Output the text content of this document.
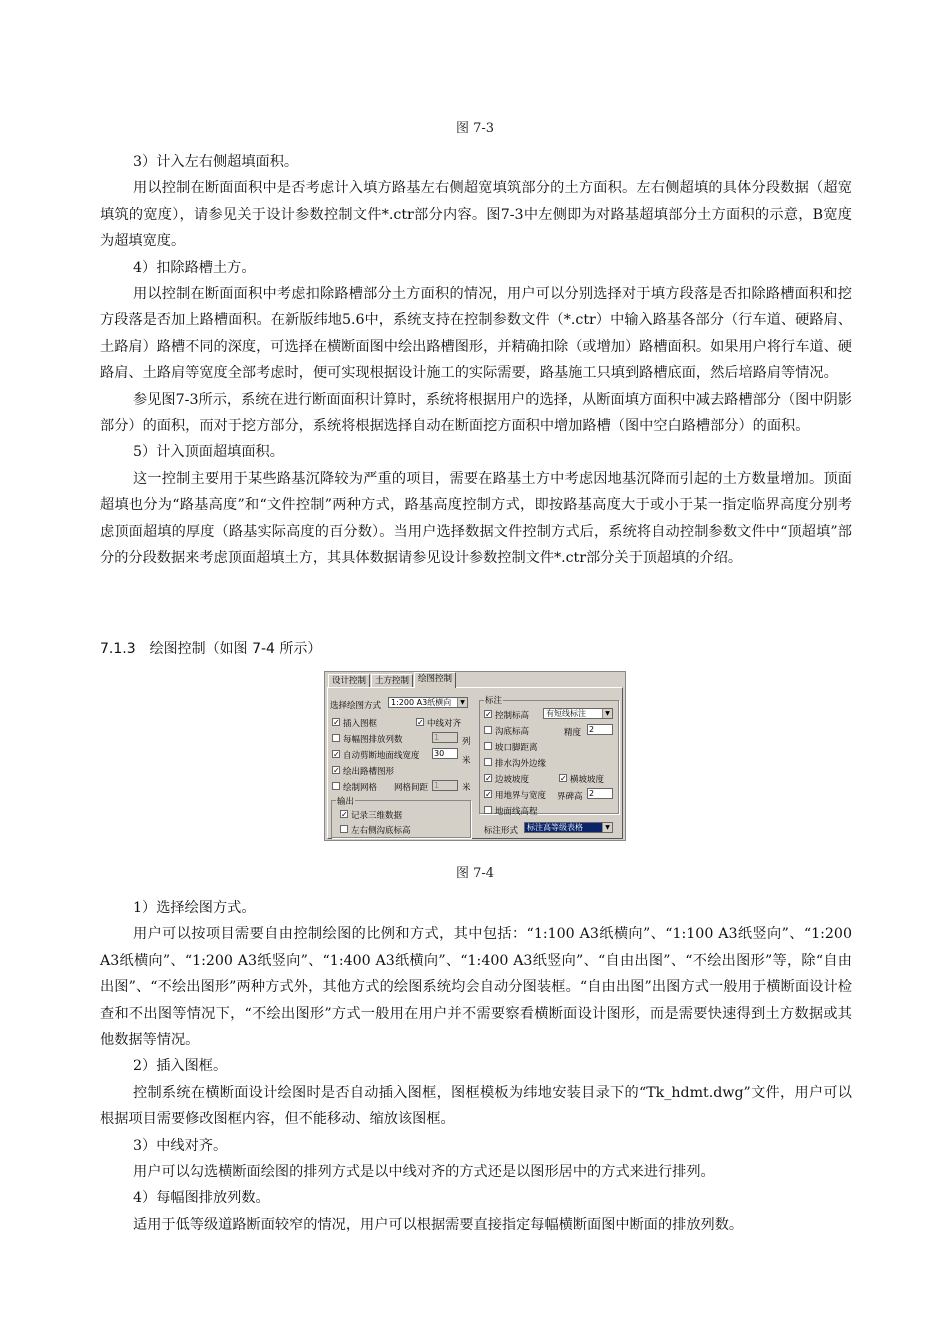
图 7-3

3）计入左右侧超填面积。

用以控制在断面面积中是否考虑计入填方路基左右侧超宽填筑部分的土方面积。左右侧超填的具体分段数据（超宽填筑的宽度），请参见关于设计参数控制文件*.ctr部分内容。图7-3中左侧即为对路基超填部分土方面积的示意，B宽度为超填宽度。

4）扣除路槽土方。

用以控制在断面面积中考虑扣除路槽部分土方面积的情况，用户可以分别选择对于填方段落是否扣除路槽面积和挖方段落是否加上路槽面积。在新版纬地5.6中，系统支持在控制参数文件（*.ctr）中输入路基各部分（行车道、硬路肩、土路肩）路槽不同的深度，可选择在横断面图中绘出路槽图形，并精确扣除（或增加）路槽面积。如果用户将行车道、硬路肩、土路肩等宽度全部考虑时，便可实现根据设计施工的实际需要，路基施工只填到路槽底面，然后培路肩等情况。

参见图7-3所示，系统在进行断面面积计算时，系统将根据用户的选择，从断面填方面积中减去路槽部分（图中阴影部分）的面积，而对于挖方部分，系统将根据选择自动在断面挖方面积中增加路槽（图中空白路槽部分）的面积。

5）计入顶面超填面积。

这一控制主要用于某些路基沉降较为严重的项目，需要在路基土方中考虑因地基沉降而引起的土方数量增加。顶面超填也分为“路基高度”和“文件控制”两种方式，路基高度控制方式，即按路基高度大于或小于某一指定临界高度分别考虑顶面超填的厚度（路基实际高度的百分数）。当用户选择数据文件控制方式后，系统将自动控制参数文件中“顶超填”部分的分段数据来考虑顶面超填土方，其具体数据请参见设计参数控制文件*.ctr部分关于顶超填的介绍。

7.1.3　绘图控制（如图 7-4 所示）
设计控制	土方控制	绘图控制
选择绘图方式	1:200 A3纸横向	▼
✓ 插入图框	✓ 中线对齐
每幅图排放列数	1	列
✓ 自动剪断地面线宽度 30
米
✓ 绘出路槽图形
绘制网格 网格间距 1	米
输出
✓ 记录三维数据
左右侧沟底标高
标注
✓ 控制标高	有短线标注	▼
沟底标高	精度 2
坡口脚距离
排水沟外边缘
✓ 边坡坡度	✓ 横坡坡度
✓ 用地界与宽度 界碑高 2
地面线高程
标注形式	标注高等级表格	▼
图 7-4

1）选择绘图方式。

用户可以按项目需要自由控制绘图的比例和方式，其中包括：“1:100 A3纸横向”、“1:100 A3纸竖向”、“1:200 A3纸横向”、“1:200 A3纸竖向”、“1:400 A3纸横向”、“1:400 A3纸竖向”、“自由出图”、“不绘出图形”等，除“自由出图”、“不绘出图形”两种方式外，其他方式的绘图系统均会自动分图装框。“自由出图”出图方式一般用于横断面设计检查和不出图等情况下，“不绘出图形”方式一般用在用户并不需要察看横断面设计图形，而是需要快速得到土方数据或其他数据等情况。

2）插入图框。

控制系统在横断面设计绘图时是否自动插入图框，图框模板为纬地安装目录下的“Tk_hdmt.dwg”文件，用户可以根据项目需要修改图框内容，但不能移动、缩放该图框。

3）中线对齐。

用户可以勾选横断面绘图的排列方式是以中线对齐的方式还是以图形居中的方式来进行排列。

4）每幅图排放列数。

适用于低等级道路断面较窄的情况，用户可以根据需要直接指定每幅横断面图中断面的排放列数。
